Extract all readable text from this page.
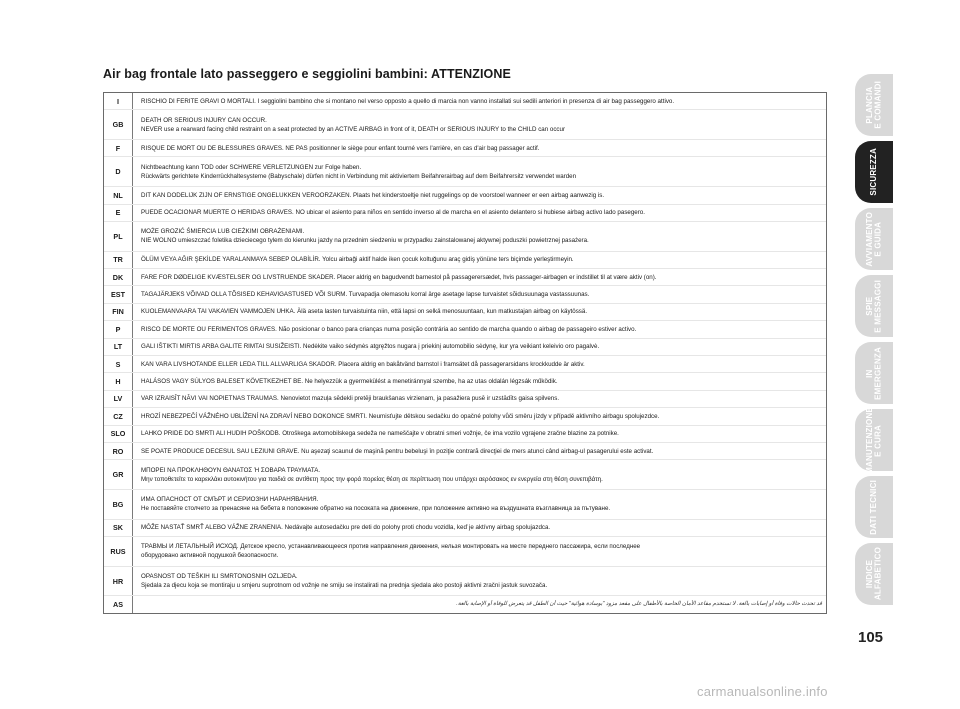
Air bag frontale lato passeggero e seggiolini bambini: ATTENZIONE
I	RISCHIO DI FERITE GRAVI O MORTALI. I seggiolini bambino che si montano nel verso opposto a quello di marcia non vanno installati sui sedili anteriori in presenza di air bag passeggero attivo.
GB	DEATH OR SERIOUS INJURY CAN OCCUR.
NEVER use a rearward facing child restraint on a seat protected by an ACTIVE AIRBAG in front of it, DEATH or SERIOUS INJURY to the CHILD can occur
F	RISQUE DE MORT OU DE BLESSURES GRAVES. NE PAS positionner le siège pour enfant tourné vers l'arrière, en cas d'air bag passager actif.
D	Nichtbeachtung kann TOD oder SCHWERE VERLETZUNGEN zur Folge haben.
Rückwärts gerichtete Kinderrückhaltesysteme (Babyschale) dürfen nicht in Verbindung mit aktiviertem Beifahrerairbag auf dem Beifahrersitz verwendet warden
NL	DIT KAN DODELIJK ZIJN OF ERNSTIGE ONGELUKKEN VEROORZAKEN. Plaats het kinderstoeltje niet ruggelings op de voorstoel wanneer er een airbag aanwezig is.
E	PUEDE OCACIONAR MUERTE O HERIDAS GRAVES. NO ubicar el asiento para niños en sentido inverso al de marcha en el asiento delantero si hubiese airbag activo lado pasegero.
PL	MOŻE GROZIĆ ŚMIERCIA LUB CIEŻKIMI OBRAŻENIAMI.
NIE WOLNO umieszczać foletika dzieciecego tylem do kierunku jazdy na przednim siedzeniu w przypadku zainstalowanej aktywnej poduszki powietrznej pasażera.
TR	ÖLÜM VEYA AĞIR ŞEKİLDE YARALANMAYA SEBEP OLABİLİR. Yolcu airbaği aktif halde iken çocuk koltuğunu araç gidiş yönüne ters biçimde yerleştirmeyin.
DK	FARE FOR DØDELIGE KVÆSTELSER OG LIVSTRUENDE SKADER. Placer aldrig en bagudvendt barnestol på passagerersædet, hvis passager-airbagen er indstillet til at være aktiv (on).
EST	TAGAJÄRJEKS VÕIVAD OLLA TÕSISED KEHAVIGASTUSED VÕI SURM. Turvapadja olemasolu korral ärge asetage lapse turvaistet sõidusuunaga vastassuunas.
FIN	KUOLEMANVAARA TAI VAKAVIEN VAMMOJEN UHKA. Älä aseta lasten turvaistuinta niin, että lapsi on selkä menosuuntaan, kun matkustajan airbag on käytössä.
P	RISCO DE MORTE OU FERIMENTOS GRAVES. Não posicionar o banco para crianças numa posição contrária ao sentido de marcha quando o airbag de passageiro estiver activo.
LT	GALI IŠTIKTI MIRTIS ARBA GALITE RIMTAI SUSIŽEISTI. Nedėkite vaiko sėdynės atgręžtos nugara į priekinį automobilio sėdynę, kur yra veikiant keleivio oro pagalvė.
S	KAN VARA LIVSHOTANDE ELLER LEDA TILL ALLVARLIGA SKADOR. Placera aldrig en bakåtvänd barnstol i framsätet då passagerarsidans krockkudde är aktiv.
H	HALÁSOS VAGY SÚLYOS BALESET KÖVETKEZHET BE. Ne helyezzük a gyermekülést a menetiránnyal szembe, ha az utas oldalán légzsák működik.
LV	VAR IZRAISĪT NĀVI VAI NOPIETNAS TRAUMAS. Nenovietot mazuļa sēdekli pretēji braukšanas virzienam, ja pasažiera pusē ir uzstādīts gaisa spilvens.
CZ	HROZÍ NEBEZPEČÍ VÁŽNÉHO UBLÍŽENÍ NA ZDRAVÍ NEBO DOKONCE SMRTI. Neumisťujte dětskou sedačku do opačné polohy vůči směru jízdy v případě aktivního airbagu spolujezdce.
SLO	LAHKO PRIDE DO SMRTI ALI HUDIH POŠKODB. Otroškega avtomobilskega sedeža ne nameščajte v obratni smeri vožnje, če ima vozilo vgrajene zračne blazine za potnike.
RO	SE POATE PRODUCE DECESUL SAU LEZIUNI GRAVE. Nu aşezaţi scaunul de maşină pentru bebeluşi în poziţie contrară direcţiei de mers atunci când airbag-ul pasagerului este activat.
GR	ΜΠΟΡΕΙ ΝΑ ΠΡΟΚΛΗΘΟΥΝ ΘΑΝΑΤΟΣ Ή ΣΟΒΑΡΑ ΤΡΑΥΜΑΤΑ.
Μην τοποθετείτε το καρεκλάκι αυτοκινήτου για παιδιά σε αντίθετη προς την φορά πορείας θέση σε περίπτωση που υπάρχει αερόσακος εν ενεργεία στη θέση συνεπιβάτη.
BG	ИМА ОПАСНОСТ ОТ СМЪРТ И СЕРИОЗНИ НАРАНЯВАНИЯ.
Не поставяйте столчето за пренасяне на бебета в положение обратно на посоката на движение, при положение активно на въздушната възглавница за пътуване.
SK	MÔŽE NASTAŤ SMRŤ ALEBO VÁŽNE ZRANENIA. Nedávajte autosedačku pre deti do polohy proti chodu vozidla, keď je aktívny airbag spolujazdca.
RUS	ТРАВМЫ И ЛЕТАЛЬНЫЙ ИСХОД. Детское кресло, устанавливающееся против направления движения, нельзя монтировать на месте переднего пассажира, если последнее
оборудовано активной подушкой безопасности.
HR	OPASNOST OD TEŠKIH ILI SMRTONOSNIH OZLJEDA.
Sjedala za djecu koja se montiraju u smjeru suprotnom od vožnje ne smiju se instalirati na prednja sjedala ako postoji aktivni zračni jastuk suvozača.
AS	قد تحدث حالات وفاة أو إصابات بالغة. لا تستخدم مقاعد الأمان الخاصة بالأطفال على مقعد مزود "بوسادة هوائية" حيث أن الطفل قد يتعرض للوفاة أو الإصابة بالغة.
PLANCIA
E COMANDI
SICUREZZA
AVVIAMENTO
E GUIDA
SPIE
E MESSAGGI
IN
EMERGENZA
MANUTENZIONE
E CURA
DATI TECNICI
INDICE
ALFABETICO
105
carmanualsonline.info
